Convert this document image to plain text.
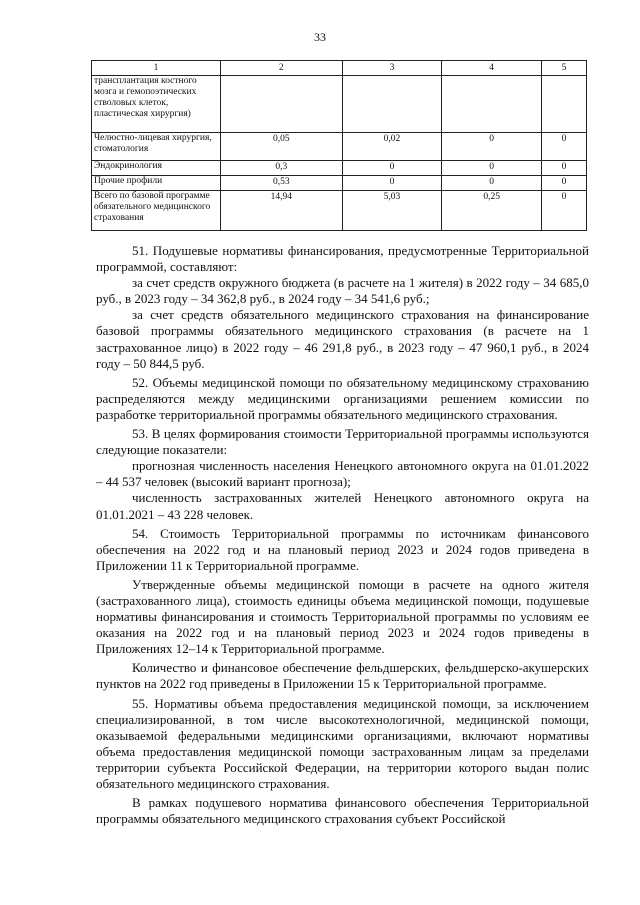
33
1	2	3	4	5
трансплантация костного мозга и гемопоэтических стволовых клеток, пластическая хирургия)				
Челюстно-лицевая хирургия, стоматология	0,05	0,02	0	0
Эндокринология	0,3	0	0	0
Прочие профили	0,53	0	0	0
Всего по базовой программе обязательного медицинского страхования	14,94	5,03	0,25	0

51. Подушевые нормативы финансирования, предусмотренные Территориальной программой, составляют:

за счет средств окружного бюджета (в расчете на 1 жителя) в 2022 году – 34 685,0 руб., в 2023 году – 34 362,8 руб., в 2024 году – 34 541,6 руб.;

за счет средств обязательного медицинского страхования на финансирование базовой программы обязательного медицинского страхования (в расчете на 1 застрахованное лицо) в 2022 году – 46 291,8 руб., в 2023 году – 47 960,1 руб., в 2024 году – 50 844,5 руб.

52. Объемы медицинской помощи по обязательному медицинскому страхованию распределяются между медицинскими организациями решением комиссии по разработке территориальной программы обязательного медицинского страхования.

53. В целях формирования стоимости Территориальной программы используются следующие показатели:

прогнозная численность населения Ненецкого автономного округа на 01.01.2022 – 44 537 человек (высокий вариант прогноза);

численность застрахованных жителей Ненецкого автономного округа на 01.01.2021 – 43 228 человек.

54. Стоимость Территориальной программы по источникам финансового обеспечения на 2022 год и на плановый период 2023 и 2024 годов приведена в Приложении 11 к Территориальной программе.

Утвержденные объемы медицинской помощи в расчете на одного жителя (застрахованного лица), стоимость единицы объема медицинской помощи, подушевые нормативы финансирования и стоимость Территориальной программы по условиям ее оказания на 2022 год и на плановый период 2023 и 2024 годов приведены в Приложениях 12–14 к Территориальной программе.

Количество и финансовое обеспечение фельдшерских, фельдшерско-акушерских пунктов на 2022 год приведены в Приложении 15 к Территориальной программе.

55. Нормативы объема предоставления медицинской помощи, за исключением специализированной, в том числе высокотехнологичной, медицинской помощи, оказываемой федеральными медицинскими организациями, включают нормативы объема предоставления медицинской помощи застрахованным лицам за пределами территории субъекта Российской Федерации, на территории которого выдан полис обязательного медицинского страхования.

В рамках подушевого норматива финансового обеспечения Территориальной программы обязательного медицинского страхования субъект Российской
